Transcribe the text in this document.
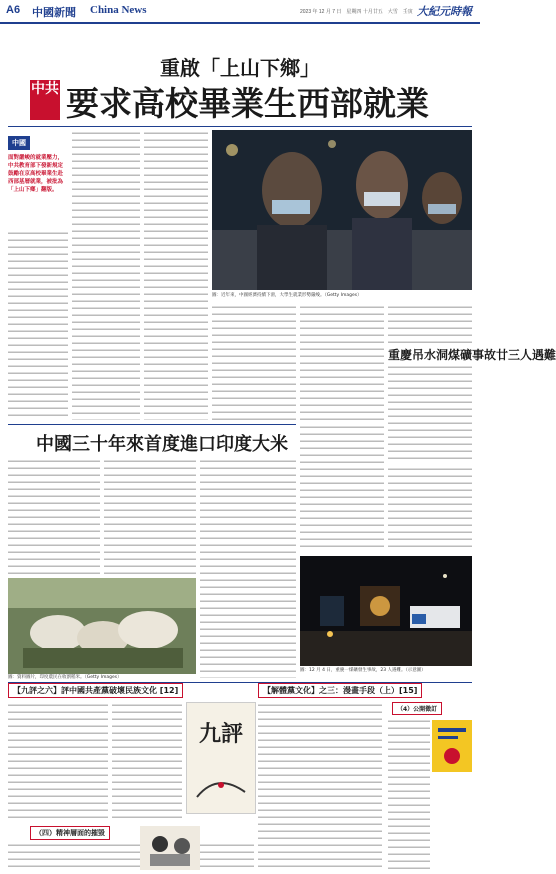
A6 中國新聞 China News	2023 年 12 月 7 日　星期四 十月廿五　大雪　壬寅 大紀元時報
重啟「上山下鄉」
中共 要求高校畢業生西部就業
中國
面對嚴峻的就業壓力，中共教育部下發新規定鼓勵在京高校畢業生赴西部基層就業，被批為「上山下鄉」翻版。
圖：近年來，中國經濟持續下滑，大學生就業形勢嚴峻。（Getty Images）
重慶吊水洞煤礦事故廿三人遇難
圖：12 月 4 日，重慶一煤礦發生事故，23 人遇難。（示意圖）
中國三十年來首度進口印度大米
圖：資料圖片，印度農民在收割稻米。（Getty Images）
【九評之六】評中國共產黨破壞民族文化 [12]	【解體黨文化】之三：漫畫手段（上）[15]
九評
（四）精神層面的摧毀
（4）公開徵訂
